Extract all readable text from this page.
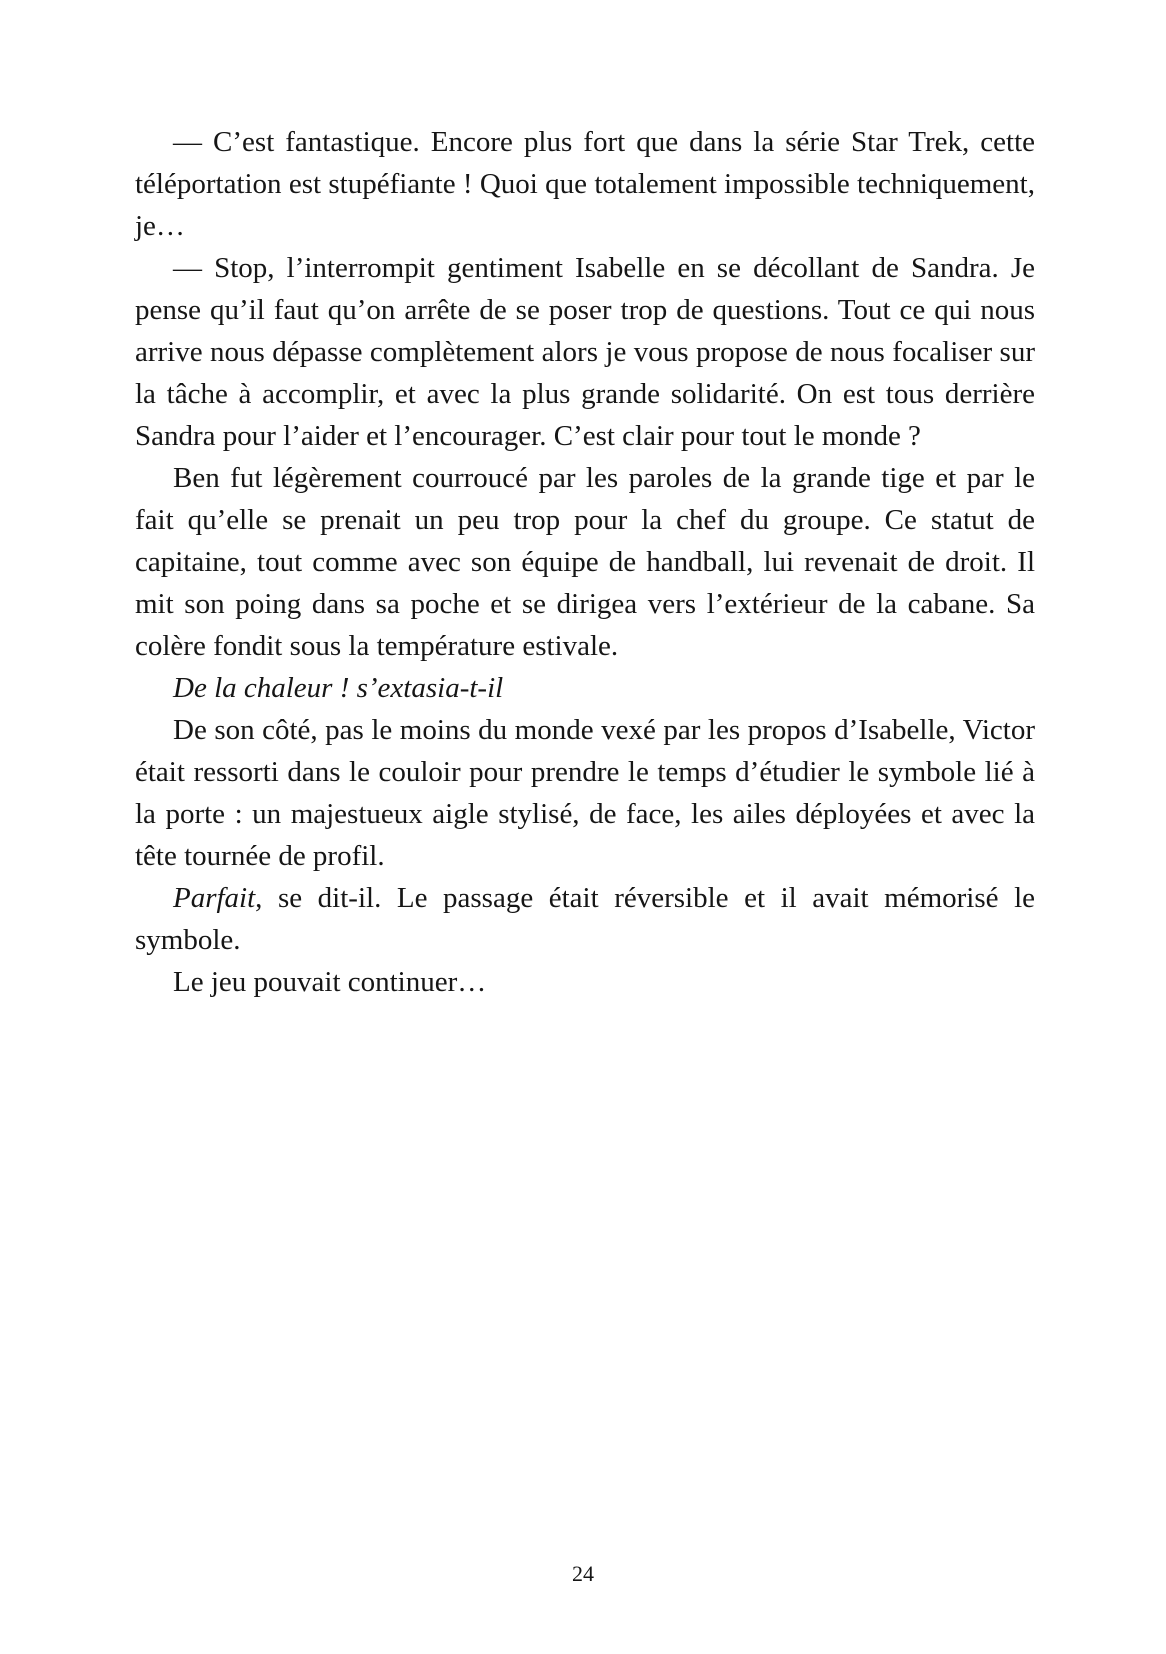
— C’est fantastique. Encore plus fort que dans la série Star Trek, cette téléportation est stupéfiante ! Quoi que totalement impossible techniquement, je…

— Stop, l’interrompit gentiment Isabelle en se décollant de Sandra. Je pense qu’il faut qu’on arrête de se poser trop de questions. Tout ce qui nous arrive nous dépasse complètement alors je vous propose de nous focaliser sur la tâche à accomplir, et avec la plus grande solidarité. On est tous derrière Sandra pour l’aider et l’encourager. C’est clair pour tout le monde ?

Ben fut légèrement courroucé par les paroles de la grande tige et par le fait qu’elle se prenait un peu trop pour la chef du groupe. Ce statut de capitaine, tout comme avec son équipe de handball, lui revenait de droit. Il mit son poing dans sa poche et se dirigea vers l’extérieur de la cabane. Sa colère fondit sous la température estivale.

De la chaleur ! s’extasia-t-il

De son côté, pas le moins du monde vexé par les propos d’Isabelle, Victor était ressorti dans le couloir pour prendre le temps d’étudier le symbole lié à la porte : un majestueux aigle stylisé, de face, les ailes déployées et avec la tête tournée de profil.

Parfait, se dit-il. Le passage était réversible et il avait mémorisé le symbole.

Le jeu pouvait continuer…

24
